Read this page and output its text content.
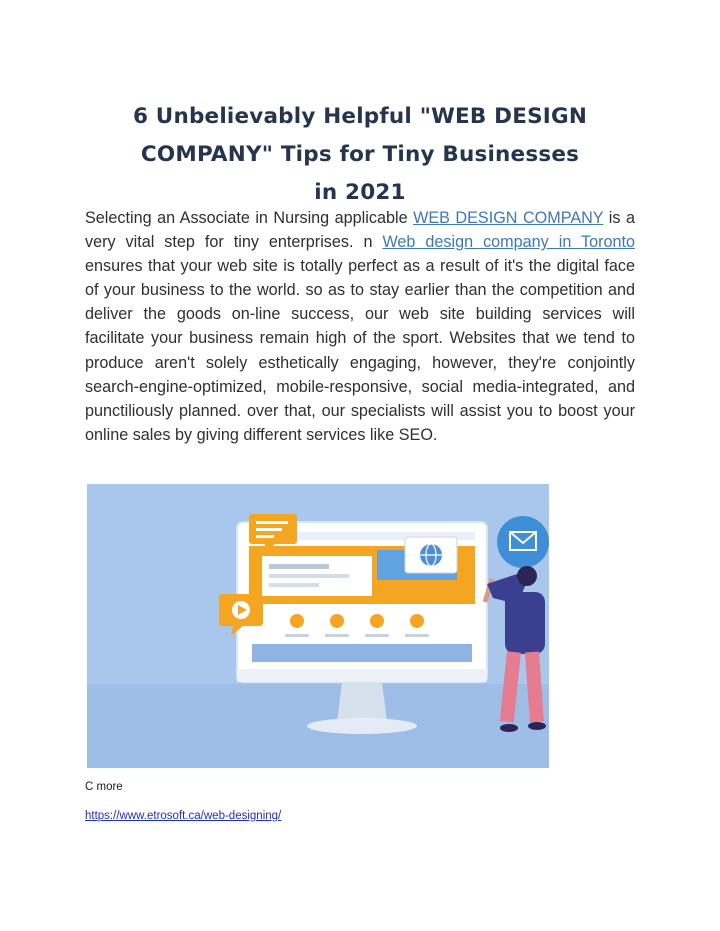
6 Unbelievably Helpful "WEB DESIGN
COMPANY" Tips for Tiny Businesses
in 2021

Selecting an Associate in Nursing applicable WEB DESIGN COMPANY is a very vital step for tiny enterprises. n Web design company in Toronto ensures that your web site is totally perfect as a result of it's the digital face of your business to the world. so as to stay earlier than the competition and deliver the goods on-line success, our web site building services will facilitate your business remain high of the sport. Websites that we tend to produce aren't solely esthetically engaging, however, they're conjointly search-engine-optimized, mobile-responsive, social media-integrated, and punctiliously planned. over that, our specialists will assist you to boost your online sales by giving different services like SEO.

C more
https://www.etrosoft.ca/web-designing/
